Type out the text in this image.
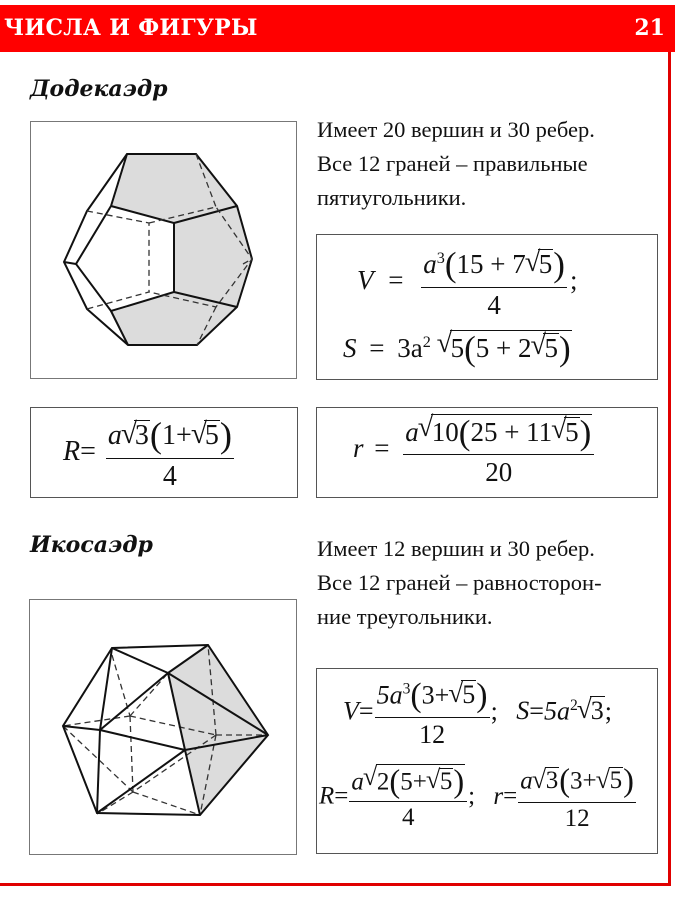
ЧИСЛА И ФИГУРЫ	21
Додекаэдр
Имеет 20 вершин и 30 ребер.
Все 12 граней – правильные
пятиугольники.
$V = \frac{a^3(15 + 7 √ 5)}{4}$ ;
$S = 3a^2$ √ 5(5 + 2 √ 5)
$R= \frac{a √ 3(1+ √ 5)}{4}$	$r = \frac{a √ 10(25 + 11 √ 5)}{20}$
Икосаэдр	Имеет 12 вершин и 30 ребер.
Все 12 граней – равносторон-
ние треугольники.
$V= \frac{5a^3(3+ √ 5)}{12}$ ; $S=5a^2$ √ 3;
$R= \frac{a √ 2(5+ √ 5)}{4}$ ; $r= \frac{a √ 3(3+ √ 5)}{12}$
